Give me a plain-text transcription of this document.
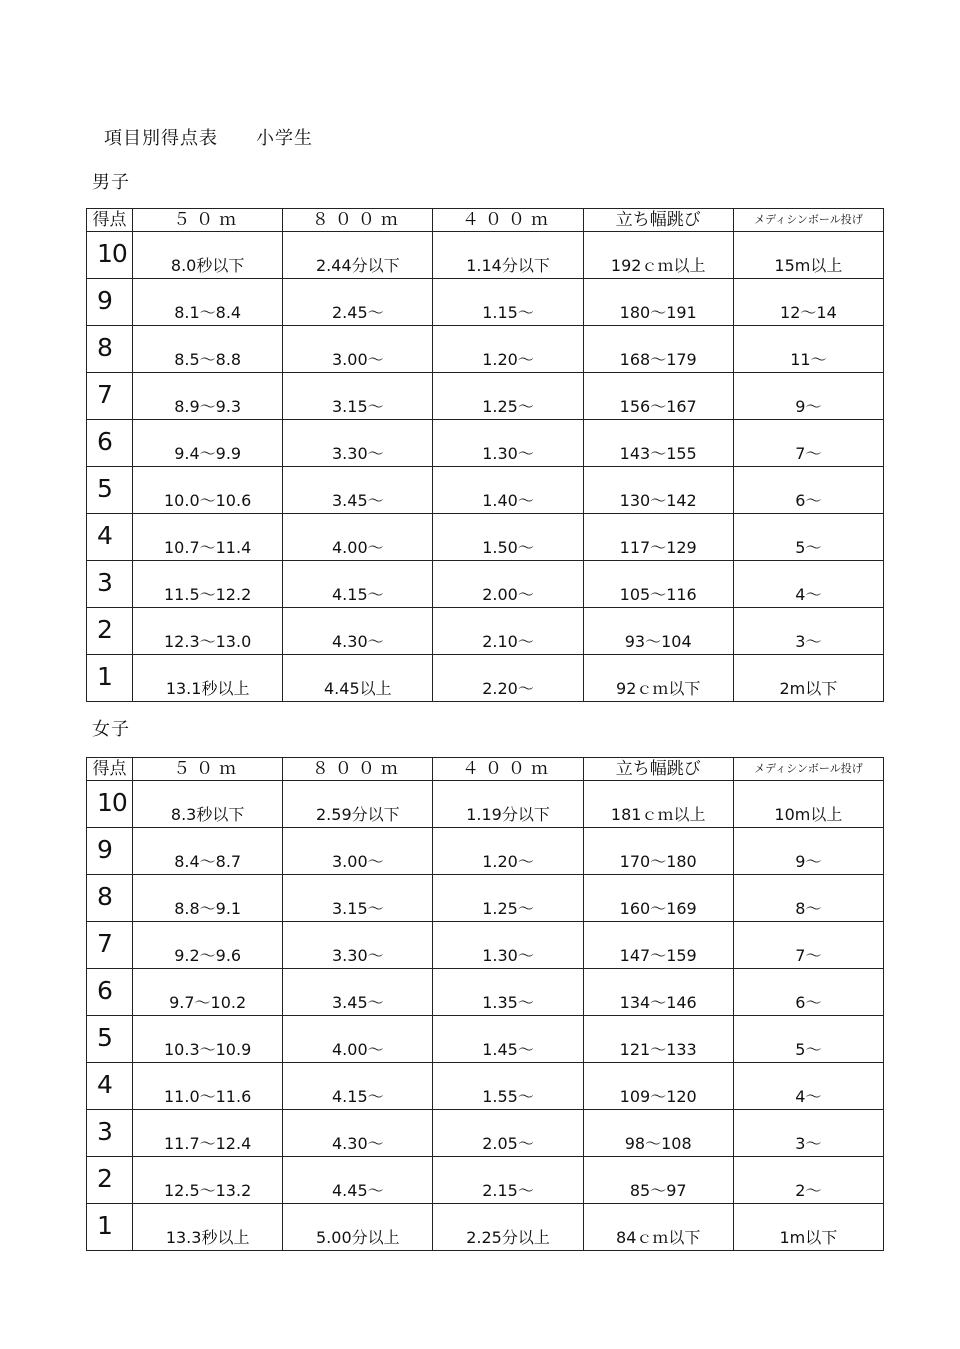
項目別得点表 小学生
男子
得点	５０ｍ	８００ｍ	４００ｍ	立ち幅跳び	メディシンボール投げ
10	8.0秒以下	2.44分以下	1.14分以下	192ｃｍ以上	15m以上
9	8.1～8.4	2.45～	1.15～	180～191	12～14
8	8.5～8.8	3.00～	1.20～	168～179	11～
7	8.9～9.3	3.15～	1.25～	156～167	9～
6	9.4～9.9	3.30～	1.30～	143～155	7～
5	10.0～10.6	3.45～	1.40～	130～142	6～
4	10.7～11.4	4.00～	1.50～	117～129	5～
3	11.5～12.2	4.15～	2.00～	105～116	4～
2	12.3～13.0	4.30～	2.10～	93～104	3～
1	13.1秒以上	4.45以上	2.20～	92ｃｍ以下	2m以下
女子
得点	５０ｍ	８００ｍ	４００ｍ	立ち幅跳び	メディシンボール投げ
10	8.3秒以下	2.59分以下	1.19分以下	181ｃｍ以上	10m以上
9	8.4～8.7	3.00～	1.20～	170～180	9～
8	8.8～9.1	3.15～	1.25～	160～169	8～
7	9.2～9.6	3.30～	1.30～	147～159	7～
6	9.7～10.2	3.45～	1.35～	134～146	6～
5	10.3～10.9	4.00～	1.45～	121～133	5～
4	11.0～11.6	4.15～	1.55～	109～120	4～
3	11.7～12.4	4.30～	2.05～	98～108	3～
2	12.5～13.2	4.45～	2.15～	85～97	2～
1	13.3秒以上	5.00分以上	2.25分以上	84ｃｍ以下	1m以下
